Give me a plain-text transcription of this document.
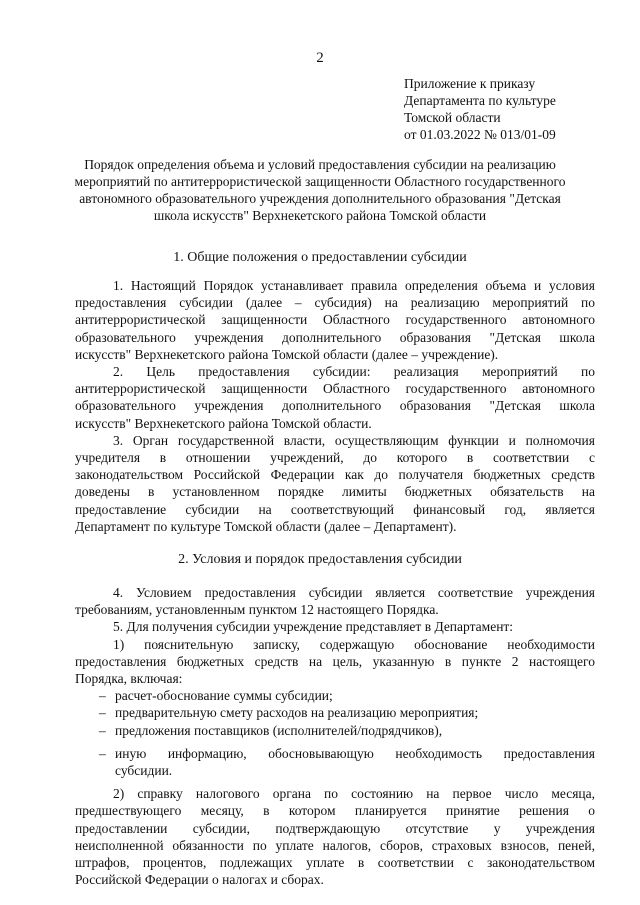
2
Приложение к приказу
Департамента по культуре
Томской области
от 01.03.2022 № 013/01-09
Порядок определения объема и условий предоставления субсидии на реализацию
мероприятий по антитеррористической защищенности Областного государственного
автономного образовательного учреждения дополнительного образования "Детская
школа искусств" Верхнекетского района Томской области
1. Общие положения о предоставлении субсидии
1. Настоящий Порядок устанавливает правила определения объема и условия
предоставления субсидии (далее – субсидия) на реализацию мероприятий по
антитеррористической защищенности Областного государственного автономного
образовательного учреждения дополнительного образования "Детская школа
искусств" Верхнекетского района Томской области (далее – учреждение).
2. Цель предоставления субсидии: реализация мероприятий по
антитеррористической защищенности Областного государственного автономного
образовательного учреждения дополнительного образования "Детская школа
искусств" Верхнекетского района Томской области.
3. Орган государственной власти, осуществляющим функции и полномочия
учредителя в отношении учреждений, до которого в соответствии с
законодательством Российской Федерации как до получателя бюджетных средств
доведены в установленном порядке лимиты бюджетных обязательств на
предоставление субсидии на соответствующий финансовый год, является
Департамент по культуре Томской области (далее – Департамент).
2. Условия и порядок предоставления субсидии
4. Условием предоставления субсидии является соответствие учреждения
требованиям, установленным пунктом 12 настоящего Порядка.
5. Для получения субсидии учреждение представляет в Департамент:
1) пояснительную записку, содержащую обоснование необходимости
предоставления бюджетных средств на цель, указанную в пункте 2 настоящего
Порядка, включая:
‒ расчет-обоснование суммы субсидии;
‒ предварительную смету расходов на реализацию мероприятия;
‒ предложения поставщиков (исполнителей/подрядчиков),
‒ иную информацию, обосновывающую необходимость предоставления
субсидии.
2) справку налогового органа по состоянию на первое число месяца,
предшествующего месяцу, в котором планируется принятие решения о
предоставлении субсидии, подтверждающую отсутствие у учреждения
неисполненной обязанности по уплате налогов, сборов, страховых взносов, пеней,
штрафов, процентов, подлежащих уплате в соответствии с законодательством
Российской Федерации о налогах и сборах.
